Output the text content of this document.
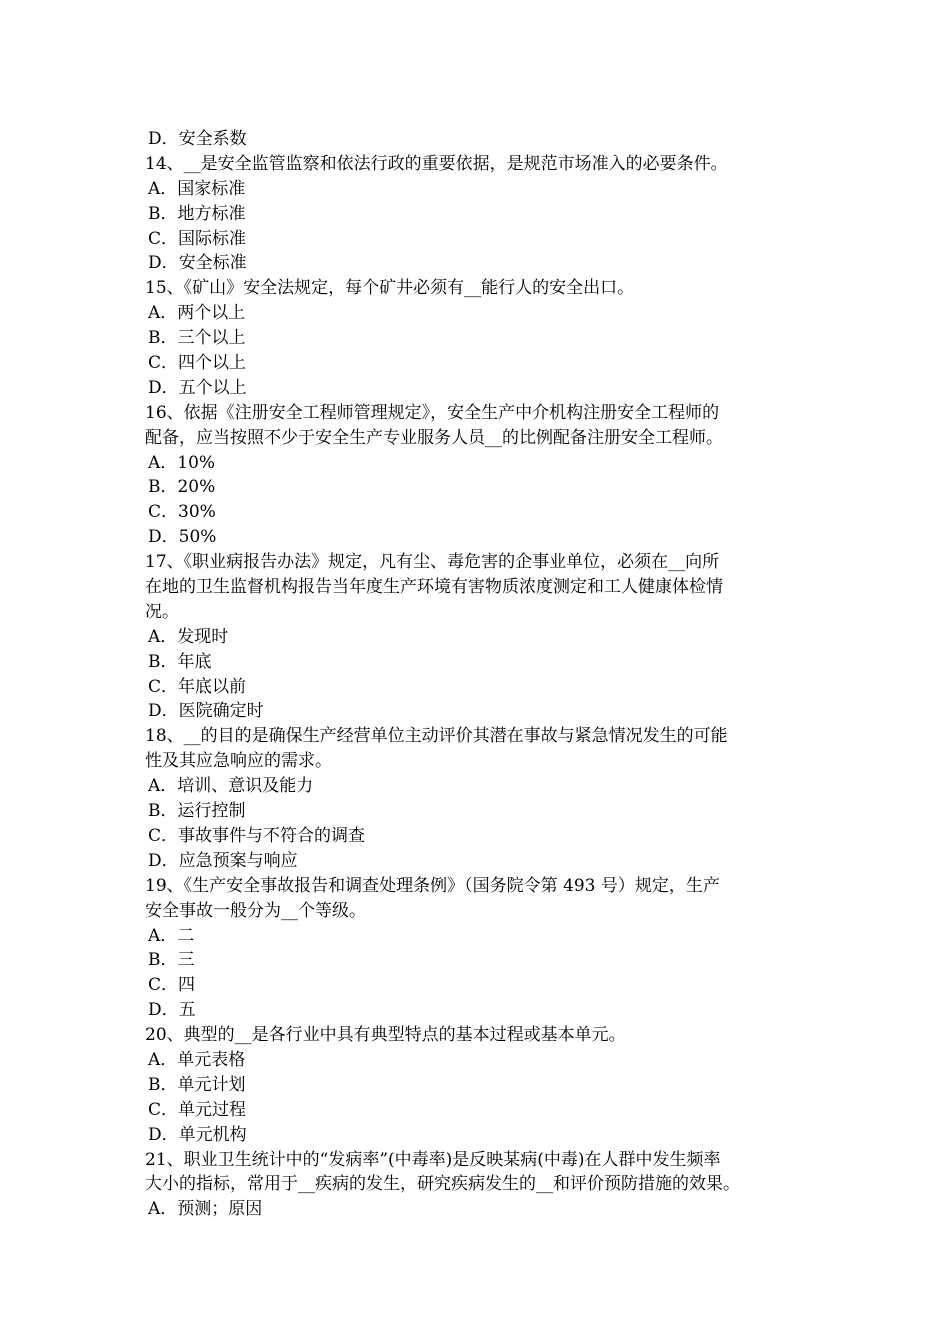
D．安全系数
14、__是安全监管监察和依法行政的重要依据，是规范市场准入的必要条件。
A．国家标准
B．地方标准
C．国际标准
D．安全标准
15、《矿山》安全法规定，每个矿井必须有__能行人的安全出口。
A．两个以上
B．三个以上
C．四个以上
D．五个以上
16、依据《注册安全工程师管理规定》，安全生产中介机构注册安全工程师的
配备，应当按照不少于安全生产专业服务人员__的比例配备注册安全工程师。
A．10%
B．20%
C．30%
D．50%
17、《职业病报告办法》规定，凡有尘、毒危害的企事业单位，必须在__向所
在地的卫生监督机构报告当年度生产环境有害物质浓度测定和工人健康体检情
况。
A．发现时
B．年底
C．年底以前
D．医院确定时
18、__的目的是确保生产经营单位主动评价其潜在事故与紧急情况发生的可能
性及其应急响应的需求。
A．培训、意识及能力
B．运行控制
C．事故事件与不符合的调查
D．应急预案与响应
19、《生产安全事故报告和调查处理条例》（国务院令第 493 号）规定，生产
安全事故一般分为__个等级。
A．二
B．三
C．四
D．五
20、典型的__是各行业中具有典型特点的基本过程或基本单元。
A．单元表格
B．单元计划
C．单元过程
D．单元机构
21、职业卫生统计中的“发病率”(中毒率)是反映某病(中毒)在人群中发生频率
大小的指标，常用于__疾病的发生，研究疾病发生的__和评价预防措施的效果。
A．预测；原因
